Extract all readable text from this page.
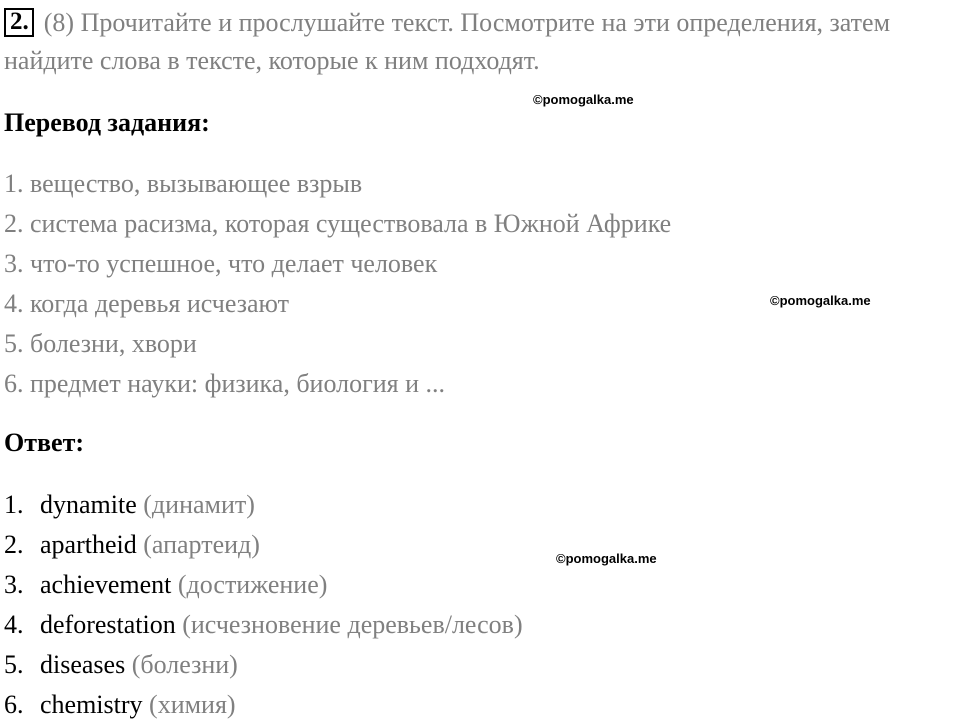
2. (8) Прочитайте и прослушайте текст. Посмотрите на эти определения, затем найдите слова в тексте, которые к ним подходят.
©pomogalka.me
Перевод задания:
1. вещество, вызывающее взрыв
2. система расизма, которая существовала в Южной Африке
3. что-то успешное, что делает человек
4. когда деревья исчезают
5. болезни, хвори
6. предмет науки: физика, биология и ...
©pomogalka.me
Ответ:
1. dynamite (динамит)
2. apartheid (апартеид)
3. achievement (достижение)
4. deforestation (исчезновение деревьев/лесов)
5. diseases (болезни)
6. chemistry (химия)
©pomogalka.me
